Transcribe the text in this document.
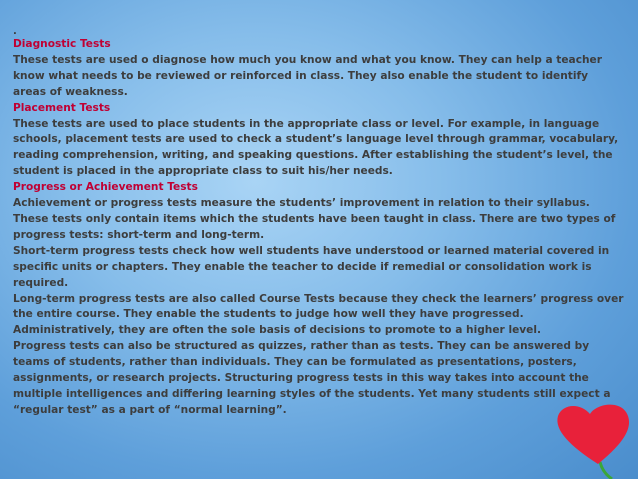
.

Diagnostic Tests

These tests are used o diagnose how much you know and what you know. They can help a teacher

know what needs to be reviewed or reinforced in class. They also enable the student to identify

areas of weakness.

Placement Tests

These tests are used to place students in the appropriate class or level. For example, in language

schools, placement tests are used to check a student’s language level through grammar, vocabulary,

reading comprehension, writing, and speaking questions. After establishing the student’s level, the

student is placed in the appropriate class to suit his/her needs.

Progress or Achievement Tests

Achievement or progress tests measure the students’ improvement in relation to their syllabus.

These tests only contain items which the students have been taught in class. There are two types of

progress tests: short-term and long-term.

Short-term progress tests check how well students have understood or learned material covered in

specific units or chapters. They enable the teacher to decide if remedial or consolidation work is

required.

Long-term progress tests are also called Course Tests because they check the learners’ progress over

the entire course. They enable the students to judge how well they have progressed.

Administratively, they are often the sole basis of decisions to promote to a higher level.

Progress tests can also be structured as quizzes, rather than as tests. They can be answered by

teams of students, rather than individuals. They can be formulated as presentations, posters,

assignments, or research projects. Structuring progress tests in this way takes into account the

multiple intelligences and differing learning styles of the students. Yet many students still expect a

“regular test” as a part of “normal learning”.
